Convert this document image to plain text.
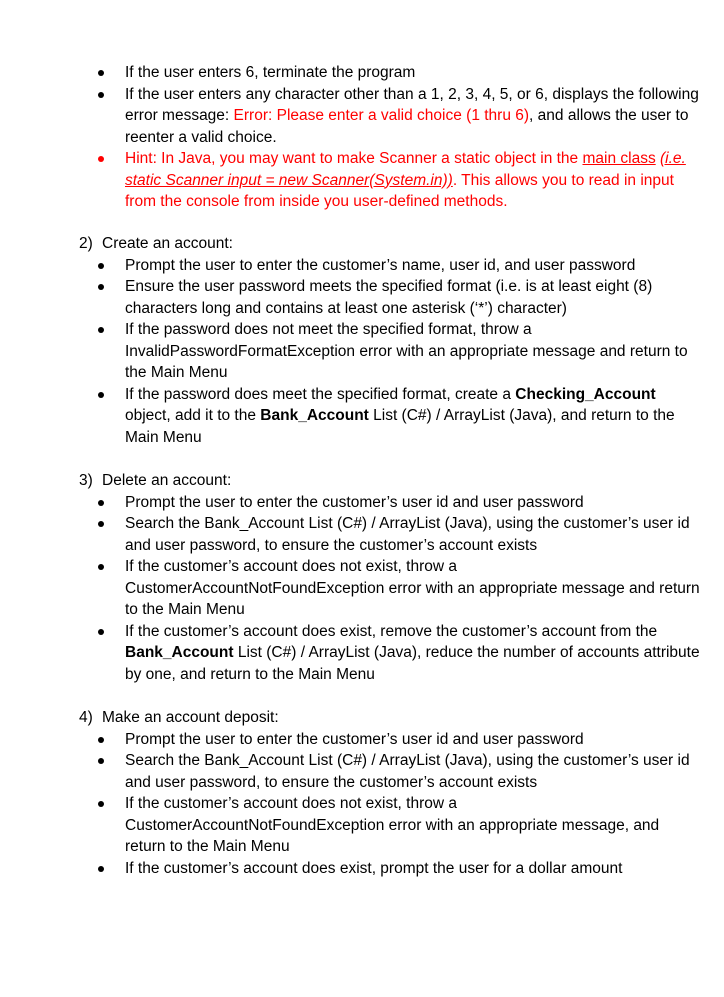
If the user enters 6, terminate the program
If the user enters any character other than a 1, 2, 3, 4, 5, or 6, displays the following error message: Error: Please enter a valid choice (1 thru 6), and allows the user to reenter a valid choice.
Hint: In Java, you may want to make Scanner a static object in the main class (i.e. static Scanner input = new Scanner(System.in)). This allows you to read in input from the console from inside you user-defined methods.
2) Create an account:
Prompt the user to enter the customer’s name, user id, and user password
Ensure the user password meets the specified format (i.e. is at least eight (8) characters long and contains at least one asterisk (‘*’) character)
If the password does not meet the specified format, throw a InvalidPasswordFormatException error with an appropriate message and return to the Main Menu
If the password does meet the specified format, create a Checking_Account object, add it to the Bank_Account List (C#) / ArrayList (Java), and return to the Main Menu
3) Delete an account:
Prompt the user to enter the customer’s user id and user password
Search the Bank_Account List (C#) / ArrayList (Java), using the customer’s user id and user password, to ensure the customer’s account exists
If the customer’s account does not exist, throw a CustomerAccountNotFoundException error with an appropriate message and return to the Main Menu
If the customer’s account does exist, remove the customer’s account from the Bank_Account List (C#) / ArrayList (Java), reduce the number of accounts attribute by one, and return to the Main Menu
4) Make an account deposit:
Prompt the user to enter the customer’s user id and user password
Search the Bank_Account List (C#) / ArrayList (Java), using the customer’s user id and user password, to ensure the customer’s account exists
If the customer’s account does not exist, throw a CustomerAccountNotFoundException error with an appropriate message, and return to the Main Menu
If the customer’s account does exist, prompt the user for a dollar amount
